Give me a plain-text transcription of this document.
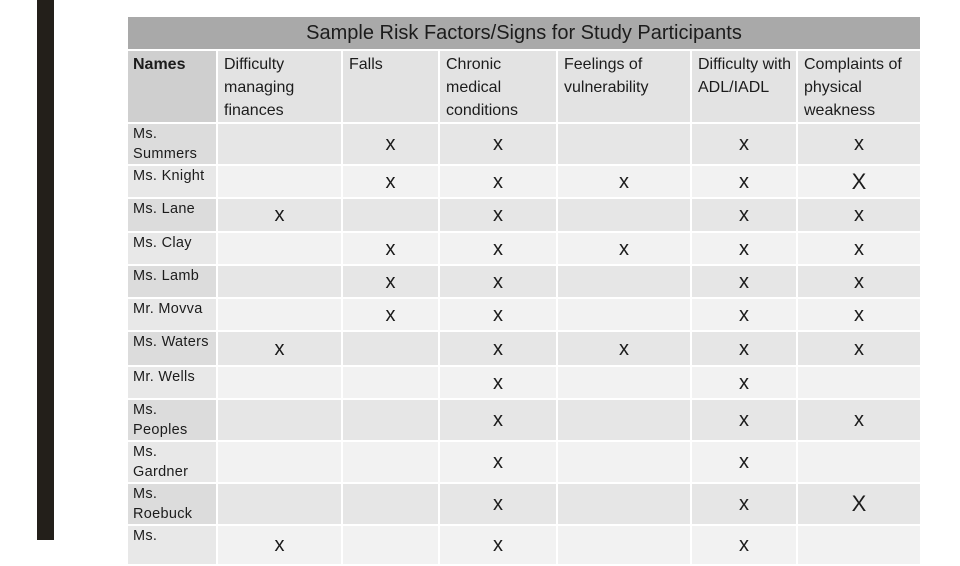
Sample Risk Factors/Signs for Study Participants						
Names	Difficulty managing finances	Falls	Chronic medical conditions	Feelings of vulnerability	Difficulty with ADL/IADL	Complaints of physical weakness
Ms. Summers		x	x		x	x
Ms. Knight		x	x	x	x	X
Ms. Lane	x		x		x	x
Ms. Clay		x	x	x	x	x
Ms. Lamb		x	x		x	x
Mr. Movva		x	x		x	x
Ms. Waters	x		x	x	x	x
Mr. Wells			x		x	
Ms. Peoples			x		x	x
Ms. Gardner			x		x	
Ms. Roebuck			x		x	X
Ms.	x		x		x	
